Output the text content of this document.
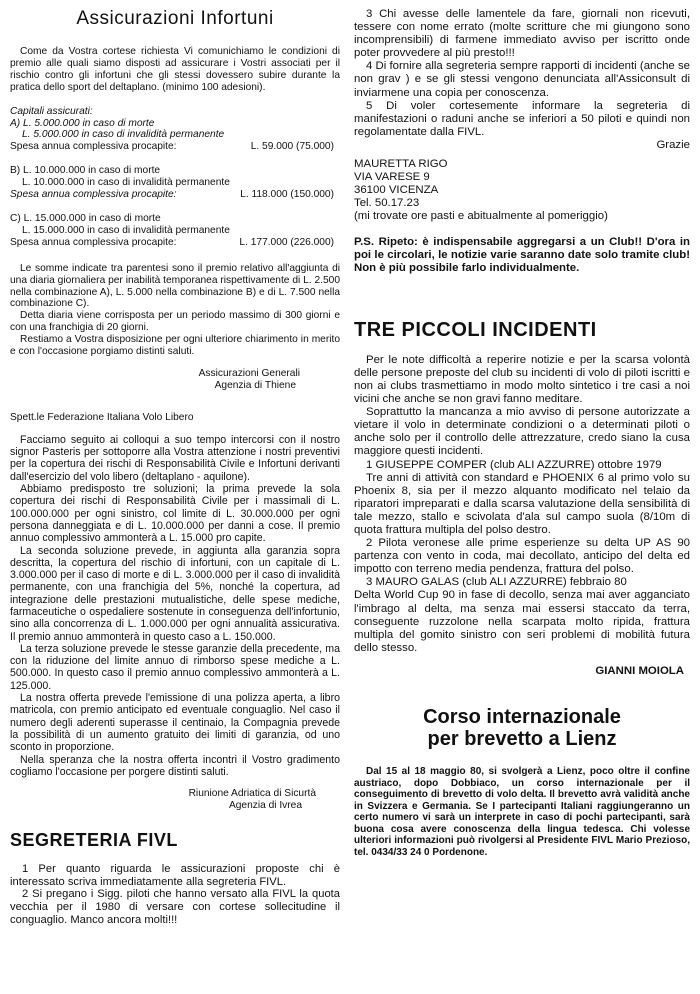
Assicurazioni Infortuni

Come da Vostra cortese richiesta Vi comunichiamo le condizioni di premio alle quali siamo disposti ad assicurare i Vostri associati per il rischio contro gli infortuni che gli stessi dovessero subire durante la pratica dello sport del deltaplano. (minimo 100 adesioni).

Capitali assicurati:
A) L. 5.000.000 in caso di morte
L. 5.000.000 in caso di invalidità permanente
Spesa annua complessiva procapite:	L. 59.000 (75.000)
B) L. 10.000.000 in caso di morte
L. 10.000.000 in caso di invalidità permanente
Spesa annua complessiva procapite:	L. 118.000 (150.000)
C) L. 15.000.000 in caso di morte
L. 15.000.000 in caso di invalidità permanente
Spesa annua complessiva procapite:	L. 177.000 (226.000)

Le somme indicate tra parentesi sono il premio relativo all'aggiunta di una diaria giornaliera per inabilità temporanea rispettivamente di L. 2.500 nella combinazione A), L. 5.000 nella combinazione B) e di L. 7.500 nella combinazione C).

Detta diaria viene corrisposta per un periodo massimo di 300 giorni e con una franchigia di 20 giorni.

Restiamo a Vostra disposizione per ogni ulteriore chiarimento in merito e con l'occasione porgiamo distinti saluti.

Assicurazioni Generali
Agenzia di Thiene
Spett.le Federazione Italiana Volo Libero

Facciamo seguito ai colloqui a suo tempo intercorsi con il nostro signor Pasteris per sottoporre alla Vostra attenzione i nostri preventivi per la copertura dei rischi di Responsabilità Civile e Infortuni derivanti dall'esercizio del volo libero (deltaplano - aquilone).

Abbiamo predisposto tre soluzioni; la prima prevede la sola copertura dei rischi di Responsabilità Civile per i massimali di L. 100.000.000 per ogni sinistro, col limite di L. 30.000.000 per ogni persona danneggiata e di L. 10.000.000 per danni a cose. Il premio annuo complessivo ammonterà a L. 15.000 pro capite.

La seconda soluzione prevede, in aggiunta alla garanzia sopra descritta, la copertura del rischio di infortuni, con un capitale di L. 3.000.000 per il caso di morte e di L. 3.000.000 per il caso di invalidità permanente, con una franchigia del 5%, nonché la copertura, ad integrazione delle prestazioni mutualistiche, delle spese mediche, farmaceutiche o ospedaliere sostenute in conseguenza dell'infortunio, sino alla concorrenza di L. 1.000.000 per ogni annualità assicurativa. Il premio annuo ammonterà in questo caso a L. 150.000.

La terza soluzione prevede le stesse garanzie della precedente, ma con la riduzione del limite annuo di rimborso spese mediche a L. 500.000. In questo caso il premio annuo complessivo ammonterà a L. 125.000.

La nostra offerta prevede l'emissione di una polizza aperta, a libro matricola, con premio anticipato ed eventuale conguaglio. Nel caso il numero degli aderenti superasse il centinaio, la Compagnia prevede la possibilità di un aumento gratuito dei limiti di garanzia, od uno sconto in proporzione.

Nella speranza che la nostra offerta incontri il Vostro gradimento cogliamo l'occasione per porgere distinti saluti.

Riunione Adriatica di Sicurtà
Agenzia di Ivrea
SEGRETERIA FIVL

1 Per quanto riguarda le assicurazioni proposte chi è interessato scriva immediatamente alla segreteria FIVL.

2 Si pregano i Sigg. piloti che hanno versato alla FIVL la quota vecchia per il 1980 di versare con cortese sollecitudine il conguaglio. Manco ancora molti!!!

3 Chi avesse delle lamentele da fare, giornali non ricevuti, tessere con nome errato (molte scritture che mi giungono sono incomprensibili) di farmene immediato avviso per iscritto onde poter provvedere al più presto!!!

4 Di fornire alla segreteria sempre rapporti di incidenti (anche se non grav ) e se gli stessi vengono denunciata all'Assiconsult di inviarmene una copia per conoscenza.

5 Di voler cortesemente informare la segreteria di manifestazioni o raduni anche se inferiori a 50 piloti e quindi non regolamentate dalla FIVL.

Grazie
MAURETTA RIGO
VIA VARESE 9
36100 VICENZA
Tel. 50.17.23
(mi trovate ore pasti e abitualmente al pomeriggio)
P.S. Ripeto: è indispensabile aggregarsi a un Club!! D'ora in poi le circolari, le notizie varie saranno date solo tramite club! Non è più possibile farlo individualmente.
TRE PICCOLI INCIDENTI

Per le note difficoltà a reperire notizie e per la scarsa volontà delle persone preposte del club su incidenti di volo di piloti iscritti e non ai clubs trasmettiamo in modo molto sintetico i tre casi a noi vicini che anche se non gravi fanno meditare.

Soprattutto la mancanza a mio avviso di persone autorizzate a vietare il volo in determinate condizioni o a determinati piloti o anche solo per il controllo delle attrezzature, credo siano la cusa maggiore questi incidenti.

1 GIUSEPPE COMPER (club ALI AZZURRE) ottobre 1979

Tre anni di attività con standard e PHOENIX 6 al primo volo su Phoenix 8, sia per il mezzo alquanto modificato nel telaio da riparatori impreparati e dalla scarsa valutazione della sensibilità di tale mezzo, stallo e scivolata d'ala sul campo suola (8/10m di quota frattura multipla del polso destro.

2 Pilota veronese alle prime esperienze su delta UP AS 90 partenza con vento in coda, mai decollato, anticipo del delta ed impotto con terreno media pendenza, frattura del polso.

3 MAURO GALAS (club ALI AZZURRE) febbraio 80

Delta World Cup 90 in fase di decollo, senza mai aver agganciato l'imbrago al delta, ma senza mai essersi staccato da terra, conseguente ruzzolone nella scarpata molto ripida, frattura multipla del gomito sinistro con seri problemi di mobilità futura dello stesso.

GIANNI MOIOLA
Corso internazionale
per brevetto a Lienz
Dal 15 al 18 maggio 80, si svolgerà a Lienz, poco oltre il confine austriaco, dopo Dobbiaco, un corso internazionale per il conseguimento di brevetto di volo delta. Il brevetto avrà validità anche in Svizzera e Germania. Se I partecipanti Italiani raggiungeranno un certo numero vi sarà un interprete in caso di pochi partecipanti, sarà buona cosa avere conoscenza della lingua tedesca. Chi volesse ulteriori informazioni può rivolgersi al Presidente FIVL Mario Prezioso, tel. 0434/33 24 0 Pordenone.
